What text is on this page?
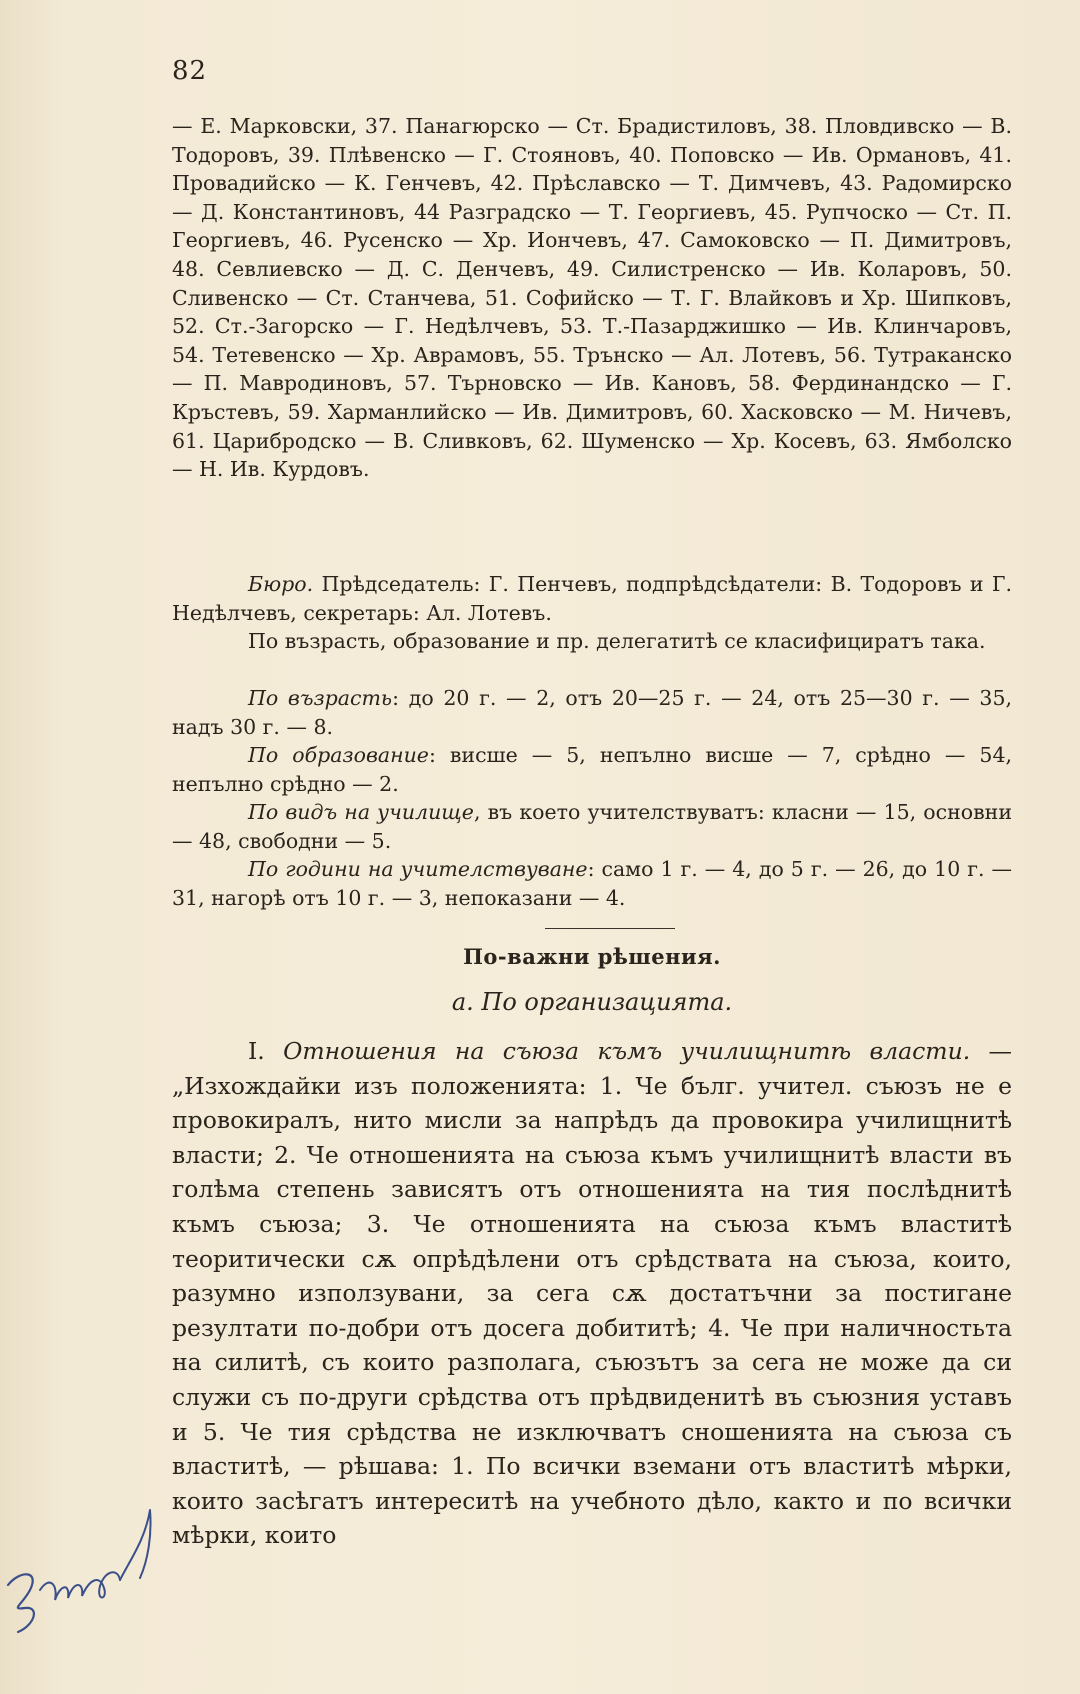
82

— Е. Марковски, 37. Панагюрско — Ст. Брадистиловъ, 38. Пловдивско — В. Тодоровъ, 39. Плѣвенско — Г. Стояновъ, 40. Поповско — Ив. Ормановъ, 41. Провадийско — К. Генчевъ, 42. Прѣславско — Т. Димчевъ, 43. Радомирско — Д. Константиновъ, 44 Разградско — Т. Георгиевъ, 45. Рупчоско — Ст. П. Георгиевъ, 46. Русенско — Хр. Иончевъ, 47. Самоковско — П. Димитровъ, 48. Севлиевско — Д. С. Денчевъ, 49. Силистренско — Ив. Коларовъ, 50. Сливенско — Ст. Станчева, 51. Софийско — Т. Г. Влайковъ и Хр. Шипковъ, 52. Ст.-Загорско — Г. Недѣлчевъ, 53. Т.-Пазарджишко — Ив. Клинчаровъ, 54. Тетевенско — Хр. Аврамовъ, 55. Трънско — Ал. Лотевъ, 56. Тутраканско — П. Мавродиновъ, 57. Търновско — Ив. Кановъ, 58. Фердинандско — Г. Кръстевъ, 59. Харманлийско — Ив. Димитровъ, 60. Хасковско — М. Ничевъ, 61. Царибродско — В. Сливковъ, 62. Шуменско — Хр. Косевъ, 63. Ямболско — Н. Ив. Курдовъ.

Бюро. Прѣдседатель: Г. Пенчевъ, подпрѣдсѣдатели: В. Тодоровъ и Г. Недѣлчевъ, секретарь: Ал. Лотевъ.

По възрасть, образование и пр. делегатитѣ се класифициратъ така.

По възрасть: до 20 г. — 2, отъ 20—25 г. — 24, отъ 25—30 г. — 35, надъ 30 г. — 8.

По образование: висше — 5, непълно висше — 7, срѣдно — 54, непълно срѣдно — 2.

По видъ на училище, въ което учителствуватъ: класни — 15, основни — 48, свободни — 5.

По години на учителствуване: само 1 г. — 4, до 5 г. — 26, до 10 г. — 31, нагорѣ отъ 10 г. — 3, непоказани — 4.

По-важни рѣшения.
а. По организацията.

I. Отношения на съюза къмъ училищнитѣ власти. — „Изхождайки изъ положенията: 1. Че бълг. учител. съюзъ не е провокиралъ, нито мисли за напрѣдъ да провокира училищнитѣ власти; 2. Че отношенията на съюза къмъ училищнитѣ власти въ голѣма степень зависятъ отъ отношенията на тия послѣднитѣ къмъ съюза; 3. Че отношенията на съюза къмъ властитѣ теоритически сѫ опрѣдѣлени отъ срѣдствата на съюза, които, разумно използувани, за сега сѫ достатъчни за постигане резултати по-добри отъ досега добититѣ; 4. Че при наличностьта на силитѣ, съ които разполага, съюзътъ за сега не може да си служи съ по-други срѣдства отъ прѣдвиденитѣ въ съюзния уставъ и 5. Че тия срѣдства не изключватъ сношенията на съюза съ властитѣ, — рѣшава: 1. По всички вземани отъ властитѣ мѣрки, които засѣгатъ интереситѣ на учебното дѣло, както и по всички мѣрки, които
